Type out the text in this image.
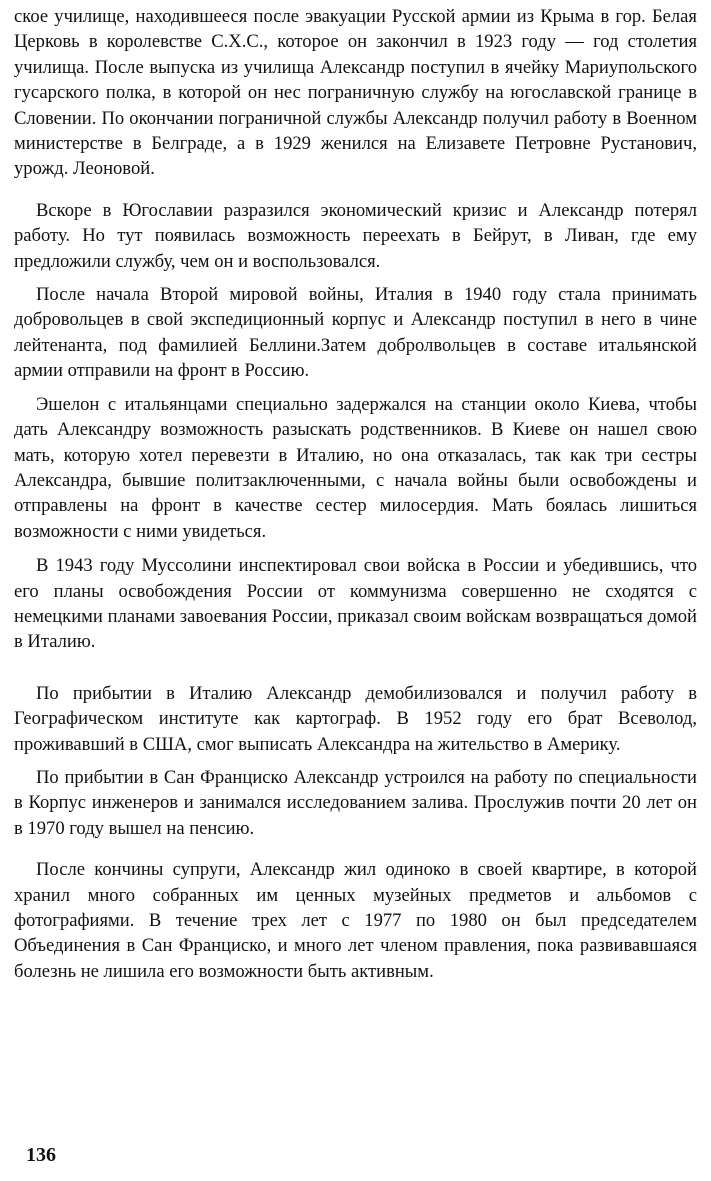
ское училище, находившееся после эвакуации Русской армии из Крыма в гор. Белая Церковь в королевстве С.Х.С., которое он закончил в 1923 году — год столетия училища. После выпуска из училища Александр поступил в ячейку Мариупольского гусарского полка, в которой он нес пограничную службу на югославской границе в Словении. По окончании пограничной службы Александр получил работу в Военном министерстве в Белграде, а в 1929 женился на Елизавете Петровне Рустанович, урожд. Леоновой.

Вскоре в Югославии разразился экономический кризис и Александр потерял работу. Но тут появилась возможность переехать в Бейрут, в Ливан, где ему предложили службу, чем он и воспользовался.

После начала Второй мировой войны, Италия в 1940 году стала принимать добровольцев в свой экспедиционный корпус и Александр поступил в него в чине лейтенанта, под фамилией Беллини.Затем добролвольцев в составе итальянской армии отправили на фронт в Россию.

Эшелон с итальянцами специально задержался на станции около Киева, чтобы дать Александру возможность разыскать родственников. В Киеве он нашел свою мать, которую хотел перевезти в Италию, но она отказалась, так как три сестры Александра, бывшие политзаключенными, с начала войны были освобождены и отправлены на фронт в качестве сестер милосердия. Мать боялась лишиться возможности с ними увидеться.

В 1943 году Муссолини инспектировал свои войска в России и убедившись, что его планы освобождения России от коммунизма совершенно не сходятся с немецкими планами завоевания России, приказал своим войскам возвращаться домой в Италию.

По прибытии в Италию Александр демобилизовался и получил работу в Географическом институте как картограф. В 1952 году его брат Всеволод, проживавший в США, смог выписать Александра на жительство в Америку.

По прибытии в Сан Франциско Александр устроился на работу по специальности в Корпус инженеров и занимался исследованием залива. Прослужив почти 20 лет он в 1970 году вышел на пенсию.

После кончины супруги, Александр жил одиноко в своей квартире, в которой хранил много собранных им ценных музейных предметов и альбомов с фотографиями. В течение трех лет с 1977 по 1980 он был председателем Объединения в Сан Франциско, и много лет членом правления, пока развивавшаяся болезнь не лишила его возможности быть активным.

136
